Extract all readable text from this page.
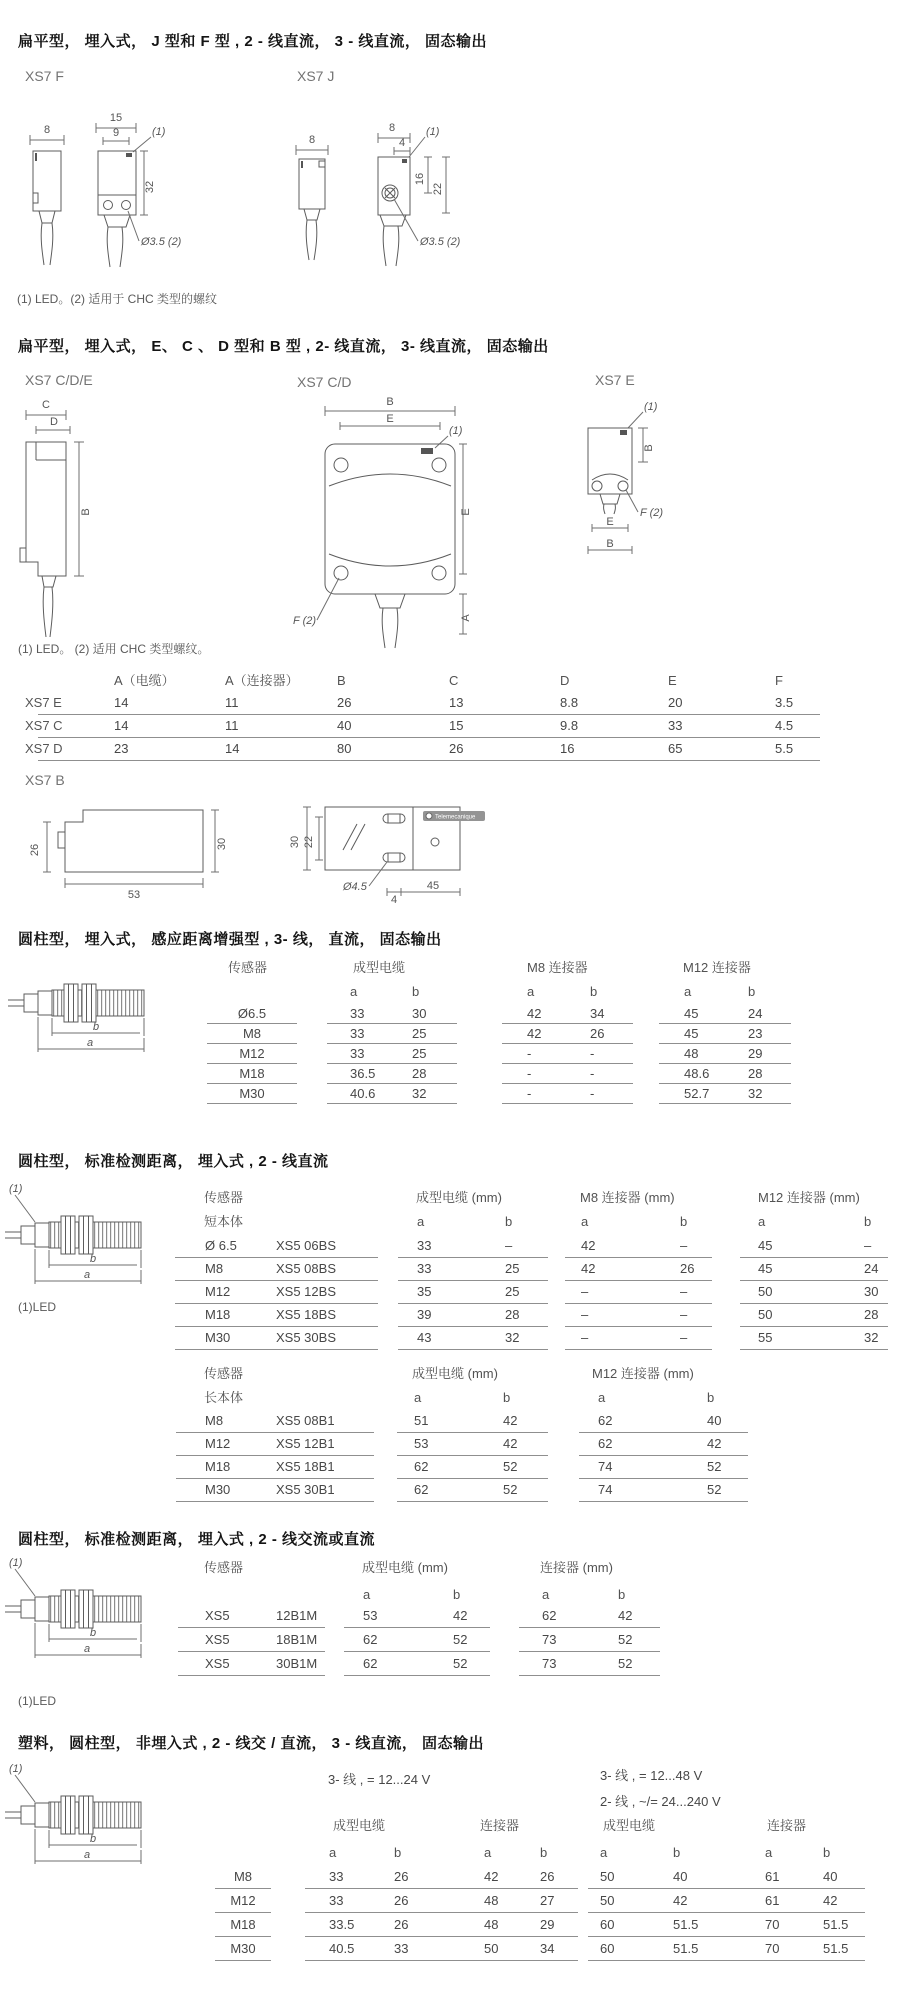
扁平型， 埋入式， J 型和 F 型 , 2 - 线直流， 3 - 线直流， 固态输出
XS7 F	XS7 J
8
15
9	(1)
32
Ø3.5 (2)
8
8
4
(1)
16
22
Ø3.5 (2)
(1) LED。(2) 适用于 CHC 类型的螺纹
扁平型， 埋入式， E、 C 、 D 型和 B 型 , 2- 线直流， 3- 线直流， 固态输出
XS7 C/D/E	XS7 C/D	XS7 E
C
D
B
B
E
(1)
E
A
F (2)
(1)
B
F (2)
E
B
(1) LED。 (2) 适用 CHC 类型螺纹。
A（电缆）	A（连接器）	B	C	D	E	F
XS7 E	14	11	26	13	8.8	20	3.5
XS7 C	14	11	40	15	9.8	33	4.5
XS7 D	23	14	80	26	16	65	5.5
XS7 B
26	30
53
Telemecanique
30 22
Ø4.5
4
45
圆柱型， 埋入式， 感应距离增强型 , 3- 线， 直流， 固态输出
b
a
传感器	成型电缆	M8 连接器	M12 连接器
a	b	a	b	a	b
Ø6.5	33	30	42	34	45	24
M8	33	25	42	26	45	23
M12	33	25	-	-	48	29
M18	36.5	28	-	-	48.6	28
M30	40.6	32	-	-	52.7	32
圆柱型， 标准检测距离， 埋入式 , 2 - 线直流
(1)
b
a
(1)LED
传感器	成型电缆 (mm)	M8 连接器 (mm)	M12 连接器 (mm)
短本体	a	b	a	b	a	b
Ø 6.5	XS5 06BS	33	–	42	–	45	–
M8	XS5 08BS	33	25	42	26	45	24
M12	XS5 12BS	35	25	–	–	50	30
M18	XS5 18BS	39	28	–	–	50	28
M30	XS5 30BS	43	32	–	–	55	32
传感器	成型电缆 (mm)	M12 连接器 (mm)
长本体	a	b	a	b
M8	XS5 08B1	51	42	62	40
M12	XS5 12B1	53	42	62	42
M18	XS5 18B1	62	52	74	52
M30	XS5 30B1	62	52	74	52
圆柱型， 标准检测距离， 埋入式 , 2 - 线交流或直流
(1)
b
a
传感器	成型电缆 (mm)	连接器 (mm)
a	b	a	b
XS5	12B1M	53	42	62	42
XS5	18B1M	62	52	73	52
XS5	30B1M	62	52	73	52
(1)LED
塑料， 圆柱型， 非埋入式 , 2 - 线交 / 直流， 3 - 线直流， 固态输出
(1)
b
a
3- 线 , = 12...24 V	3- 线 , = 12...48 V
2- 线 , ~/= 24...240 V
成型电缆	连接器	成型电缆	连接器
a	b	a	b	a	b	a	b
M8	33	26	42	26	50	40	61	40
M12	33	26	48	27	50	42	61	42
M18	33.5	26	48	29	60	51.5	70	51.5
M30	40.5	33	50	34	60	51.5	70	51.5
